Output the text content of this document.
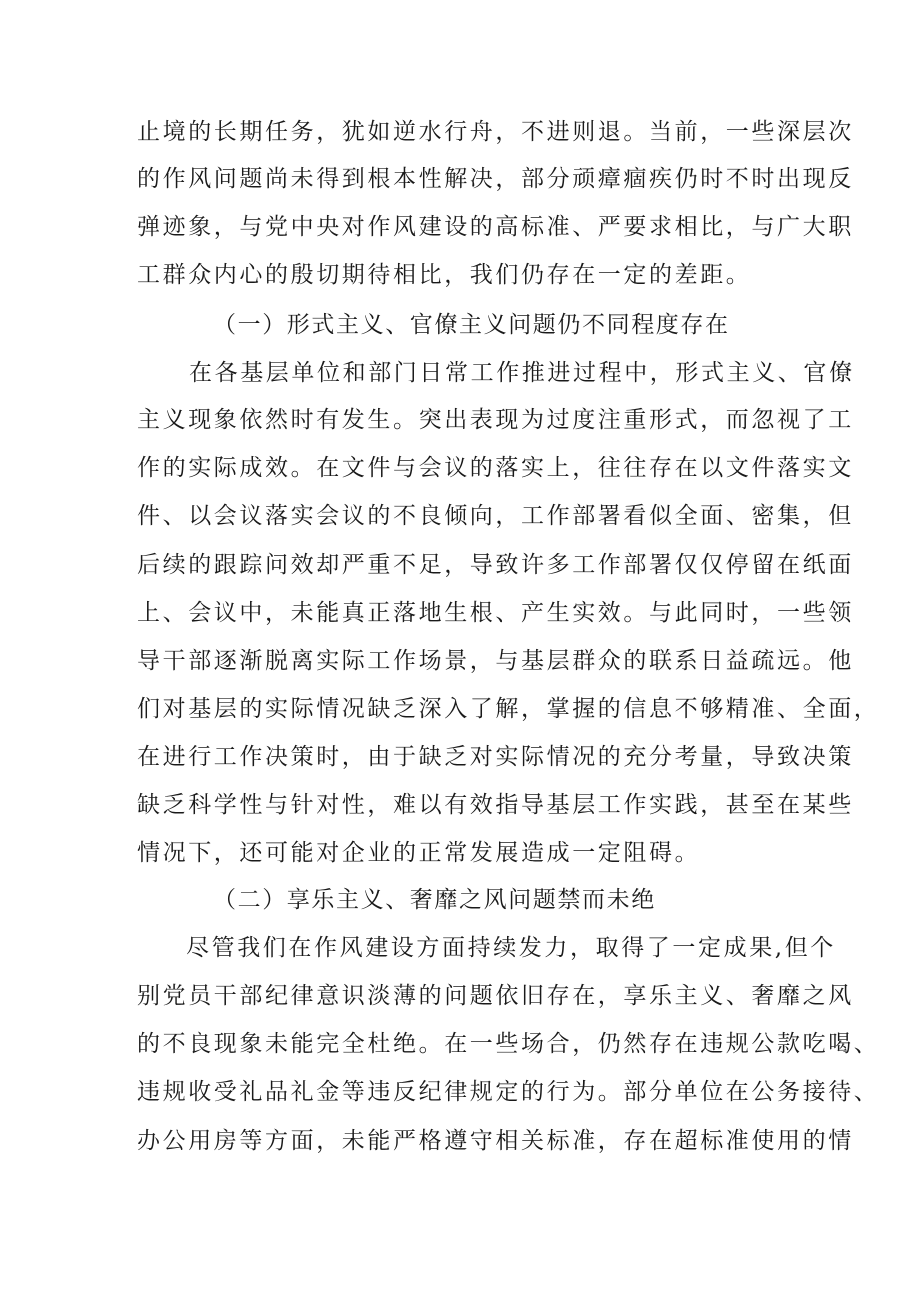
止境的长期任务，犹如逆水行舟，不进则退。当前，一些深层次
的作风问题尚未得到根本性解决，部分顽瘴痼疾仍时不时出现反
弹迹象，与党中央对作风建设的高标准、严要求相比，与广大职
工群众内心的殷切期待相比，我们仍存在一定的差距。
（一）形式主义、官僚主义问题仍不同程度存在
在各基层单位和部门日常工作推进过程中，形式主义、官僚
主义现象依然时有发生。突出表现为过度注重形式，而忽视了工
作的实际成效。在文件与会议的落实上，往往存在以文件落实文
件、以会议落实会议的不良倾向，工作部署看似全面、密集，但
后续的跟踪问效却严重不足，导致许多工作部署仅仅停留在纸面
上、会议中，未能真正落地生根、产生实效。与此同时，一些领
导干部逐渐脱离实际工作场景，与基层群众的联系日益疏远。他
们对基层的实际情况缺乏深入了解，掌握的信息不够精准、全面，
在进行工作决策时，由于缺乏对实际情况的充分考量，导致决策
缺乏科学性与针对性，难以有效指导基层工作实践，甚至在某些
情况下，还可能对企业的正常发展造成一定阻碍。
（二）享乐主义、奢靡之风问题禁而未绝
尽管我们在作风建设方面持续发力，取得了一定成果,但个
别党员干部纪律意识淡薄的问题依旧存在，享乐主义、奢靡之风
的不良现象未能完全杜绝。在一些场合，仍然存在违规公款吃喝、
违规收受礼品礼金等违反纪律规定的行为。部分单位在公务接待、
办公用房等方面，未能严格遵守相关标准，存在超标准使用的情
